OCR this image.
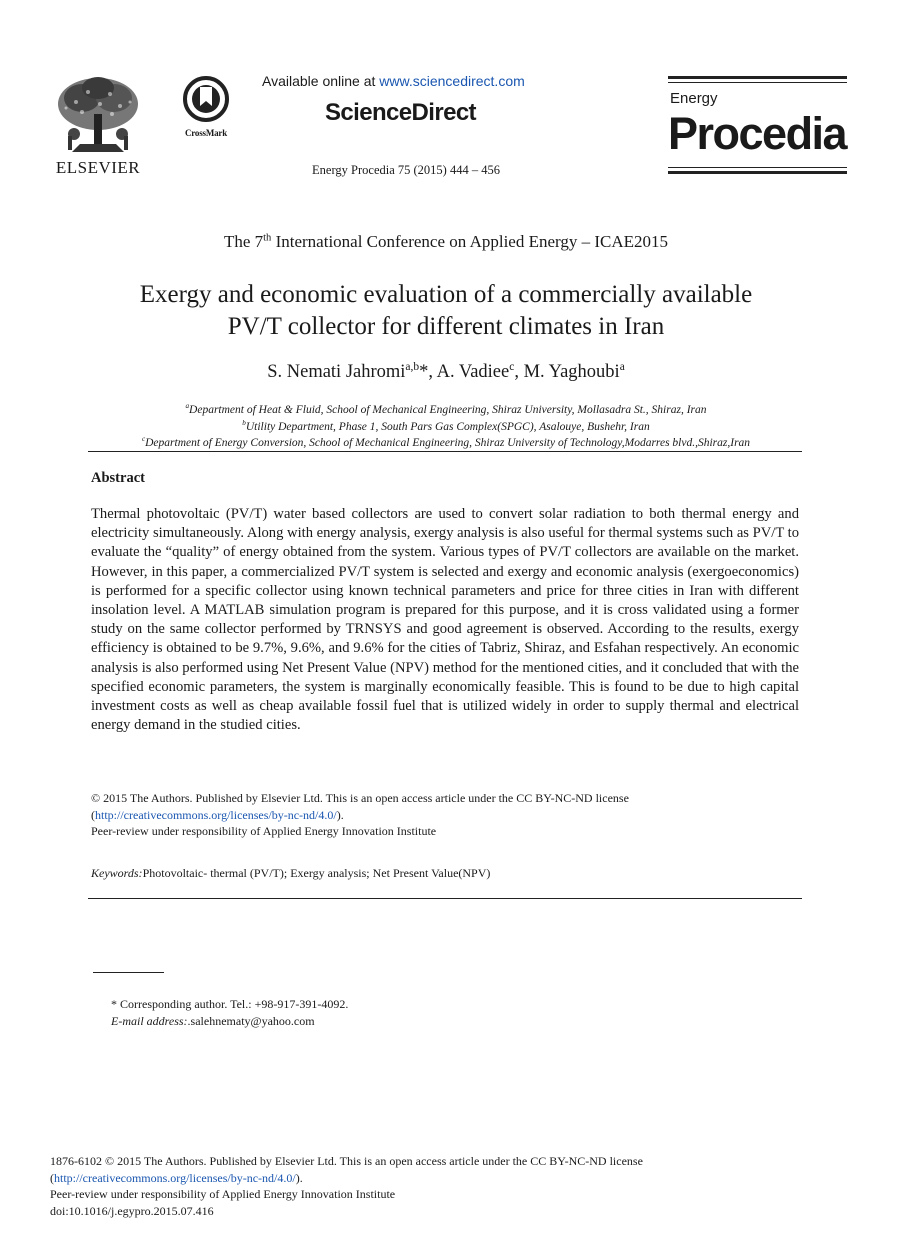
ELSEVIER
CrossMark
Available online at www.sciencedirect.com
ScienceDirect
Energy Procedia 75 (2015) 444 – 456
Energy
Procedia
The 7th International Conference on Applied Energy – ICAE2015
Exergy and economic evaluation of a commercially available
PV/T collector for different climates in Iran
S. Nemati Jahromi$^{a,b}$*, A. Vadiee$^c$, M. Yaghoubi$^a$
$^a$Department of Heat & Fluid, School of Mechanical Engineering, Shiraz University, Mollasadra St., Shiraz, Iran
$^b$Utility Department, Phase 1, South Pars Gas Complex(SPGC), Asalouye, Bushehr, Iran
$^c$Department of Energy Conversion, School of Mechanical Engineering, Shiraz University of Technology,Modarres blvd.,Shiraz,Iran
Abstract
Thermal photovoltaic (PV/T) water based collectors are used to convert solar radiation to both thermal energy and electricity simultaneously. Along with energy analysis, exergy analysis is also useful for thermal systems such as PV/T to evaluate the “quality” of energy obtained from the system. Various types of PV/T collectors are available on the market. However, in this paper, a commercialized PV/T system is selected and exergy and economic analysis (exergoeconomics) is performed for a specific collector using known technical parameters and price for three cities in Iran with different insolation level. A MATLAB simulation program is prepared for this purpose, and it is cross validated using a former study on the same collector performed by TRNSYS and good agreement is observed. According to the results, exergy efficiency is obtained to be 9.7%, 9.6%, and 9.6% for the cities of Tabriz, Shiraz, and Esfahan respectively. An economic analysis is also performed using Net Present Value (NPV) method for the mentioned cities, and it concluded that with the specified economic parameters, the system is marginally economically feasible. This is found to be due to high capital investment costs as well as cheap available fossil fuel that is utilized widely in order to supply thermal and electrical energy demand in the studied cities.
© 2015 The Authors. Published by Elsevier Ltd. This is an open access article under the CC BY-NC-ND license
(http://creativecommons.org/licenses/by-nc-nd/4.0/).
Peer-review under responsibility of Applied Energy Innovation Institute
Keywords:Photovoltaic- thermal (PV/T); Exergy analysis; Net Present Value(NPV)
* Corresponding author. Tel.: +98-917-391-4092.
E-mail address:.salehnematy@yahoo.com
1876-6102 © 2015 The Authors. Published by Elsevier Ltd. This is an open access article under the CC BY-NC-ND license
(http://creativecommons.org/licenses/by-nc-nd/4.0/).
Peer-review under responsibility of Applied Energy Innovation Institute
doi:10.1016/j.egypro.2015.07.416
